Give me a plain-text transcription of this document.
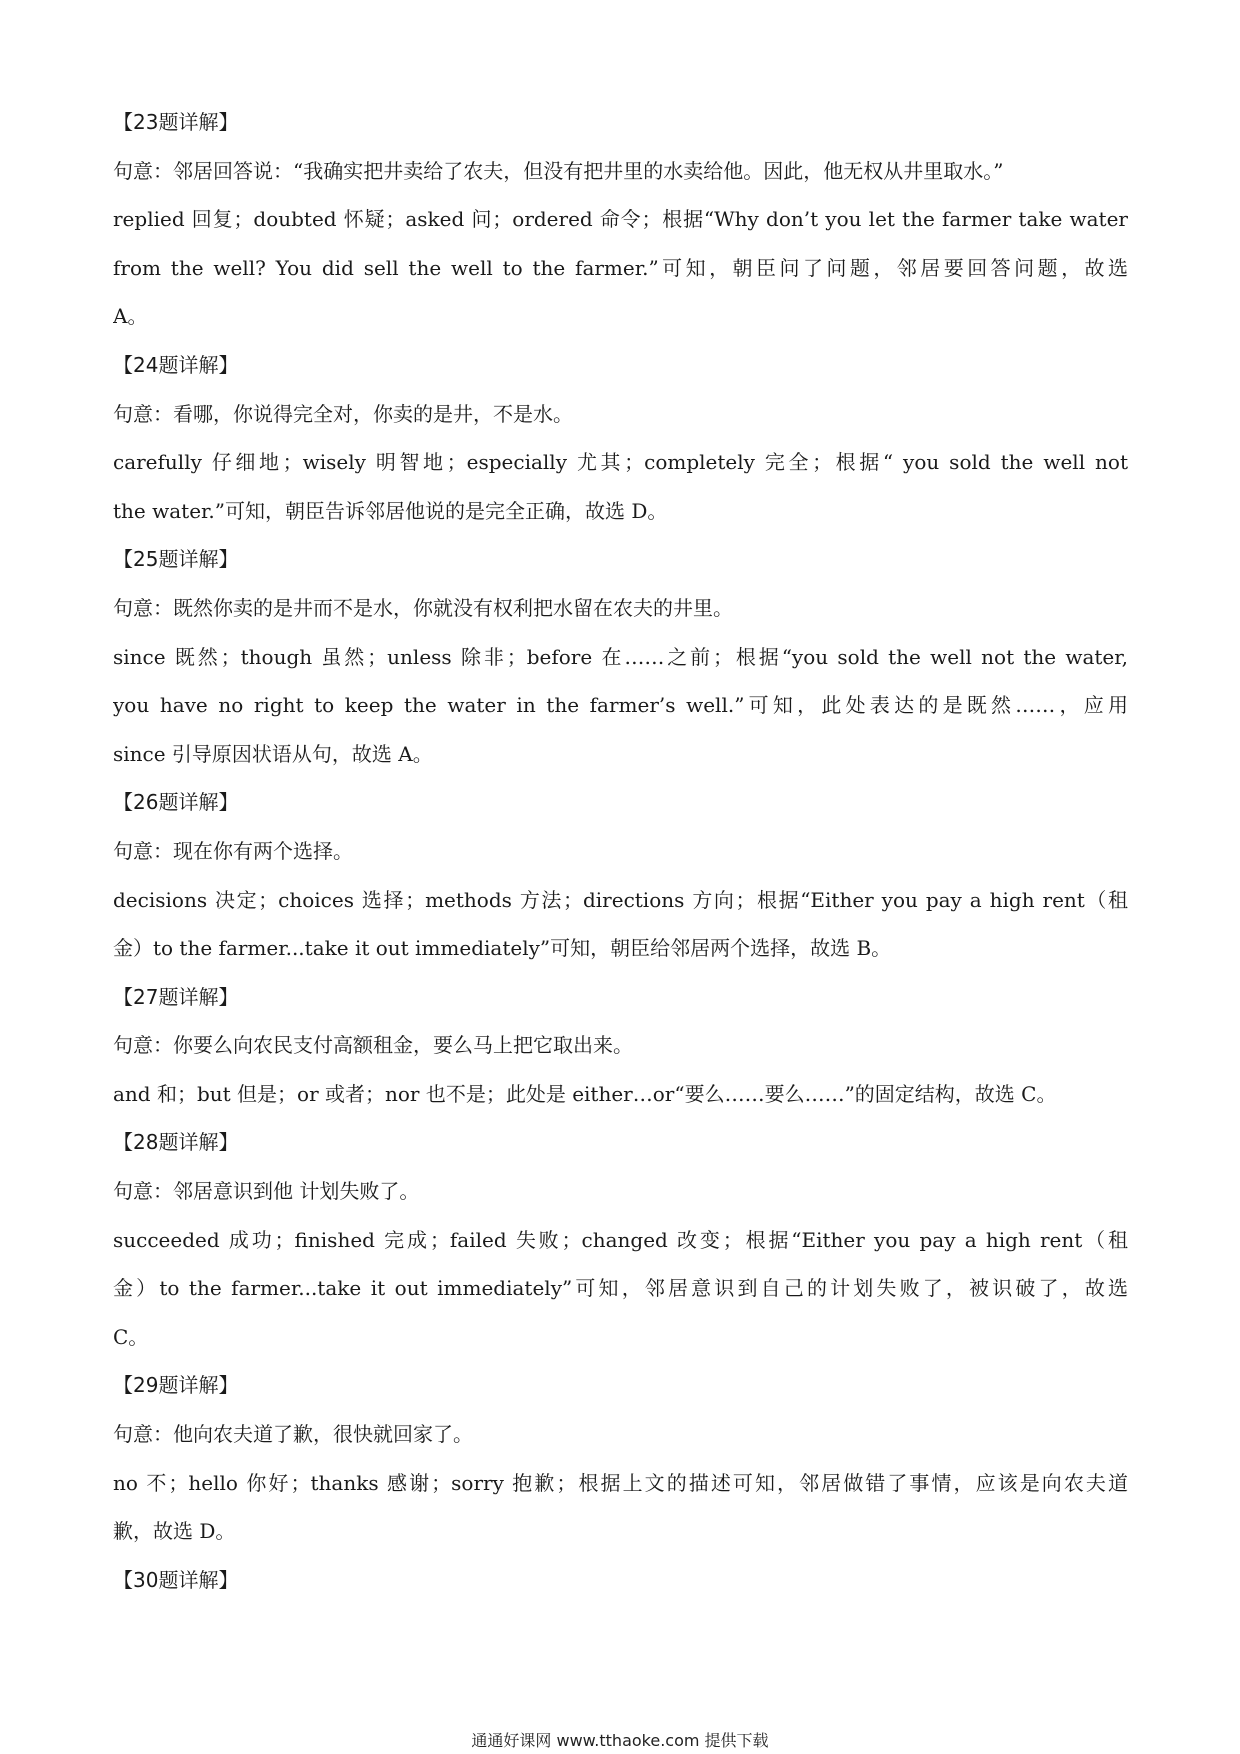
【23题详解】
句意：邻居回答说：“我确实把井卖给了农夫，但没有把井里的水卖给他。因此，他无权从井里取水。”
replied 回复；doubted 怀疑；asked 问；ordered 命令；根据“Why don’t you let the farmer take water
from the well? You did sell the well to the farmer.”可知，朝臣问了问题，邻居要回答问题，故选
A。
【24题详解】
句意：看哪，你说得完全对，你卖的是井，不是水。
carefully 仔细地；wisely 明智地；especially 尤其；completely 完全；根据“ you sold the well not
the water.”可知，朝臣告诉邻居他说的是完全正确，故选 D。
【25题详解】
句意：既然你卖的是井而不是水，你就没有权利把水留在农夫的井里。
since 既然；though 虽然；unless 除非；before 在……之前；根据“you sold the well not the water,
you have no right to keep the water in the farmer’s well.”可知，此处表达的是既然……，应用
since 引导原因状语从句，故选 A。
【26题详解】
句意：现在你有两个选择。
decisions 决定；choices 选择；methods 方法；directions 方向；根据“Either you pay a high rent（租
金）to the farmer...take it out immediately”可知，朝臣给邻居两个选择，故选 B。
【27题详解】
句意：你要么向农民支付高额租金，要么马上把它取出来。
and 和；but 但是；or 或者；nor 也不是；此处是 either…or“要么……要么……”的固定结构，故选 C。
【28题详解】
句意：邻居意识到他 计划失败了。
succeeded 成功；finished 完成；failed 失败；changed 改变；根据“Either you pay a high rent（租
金）to the farmer...take it out immediately”可知，邻居意识到自己的计划失败了，被识破了，故选
C。
【29题详解】
句意：他向农夫道了歉，很快就回家了。
no 不；hello 你好；thanks 感谢；sorry 抱歉；根据上文的描述可知，邻居做错了事情，应该是向农夫道
歉，故选 D。
【30题详解】
通通好课网 www.tthaoke.com 提供下载
